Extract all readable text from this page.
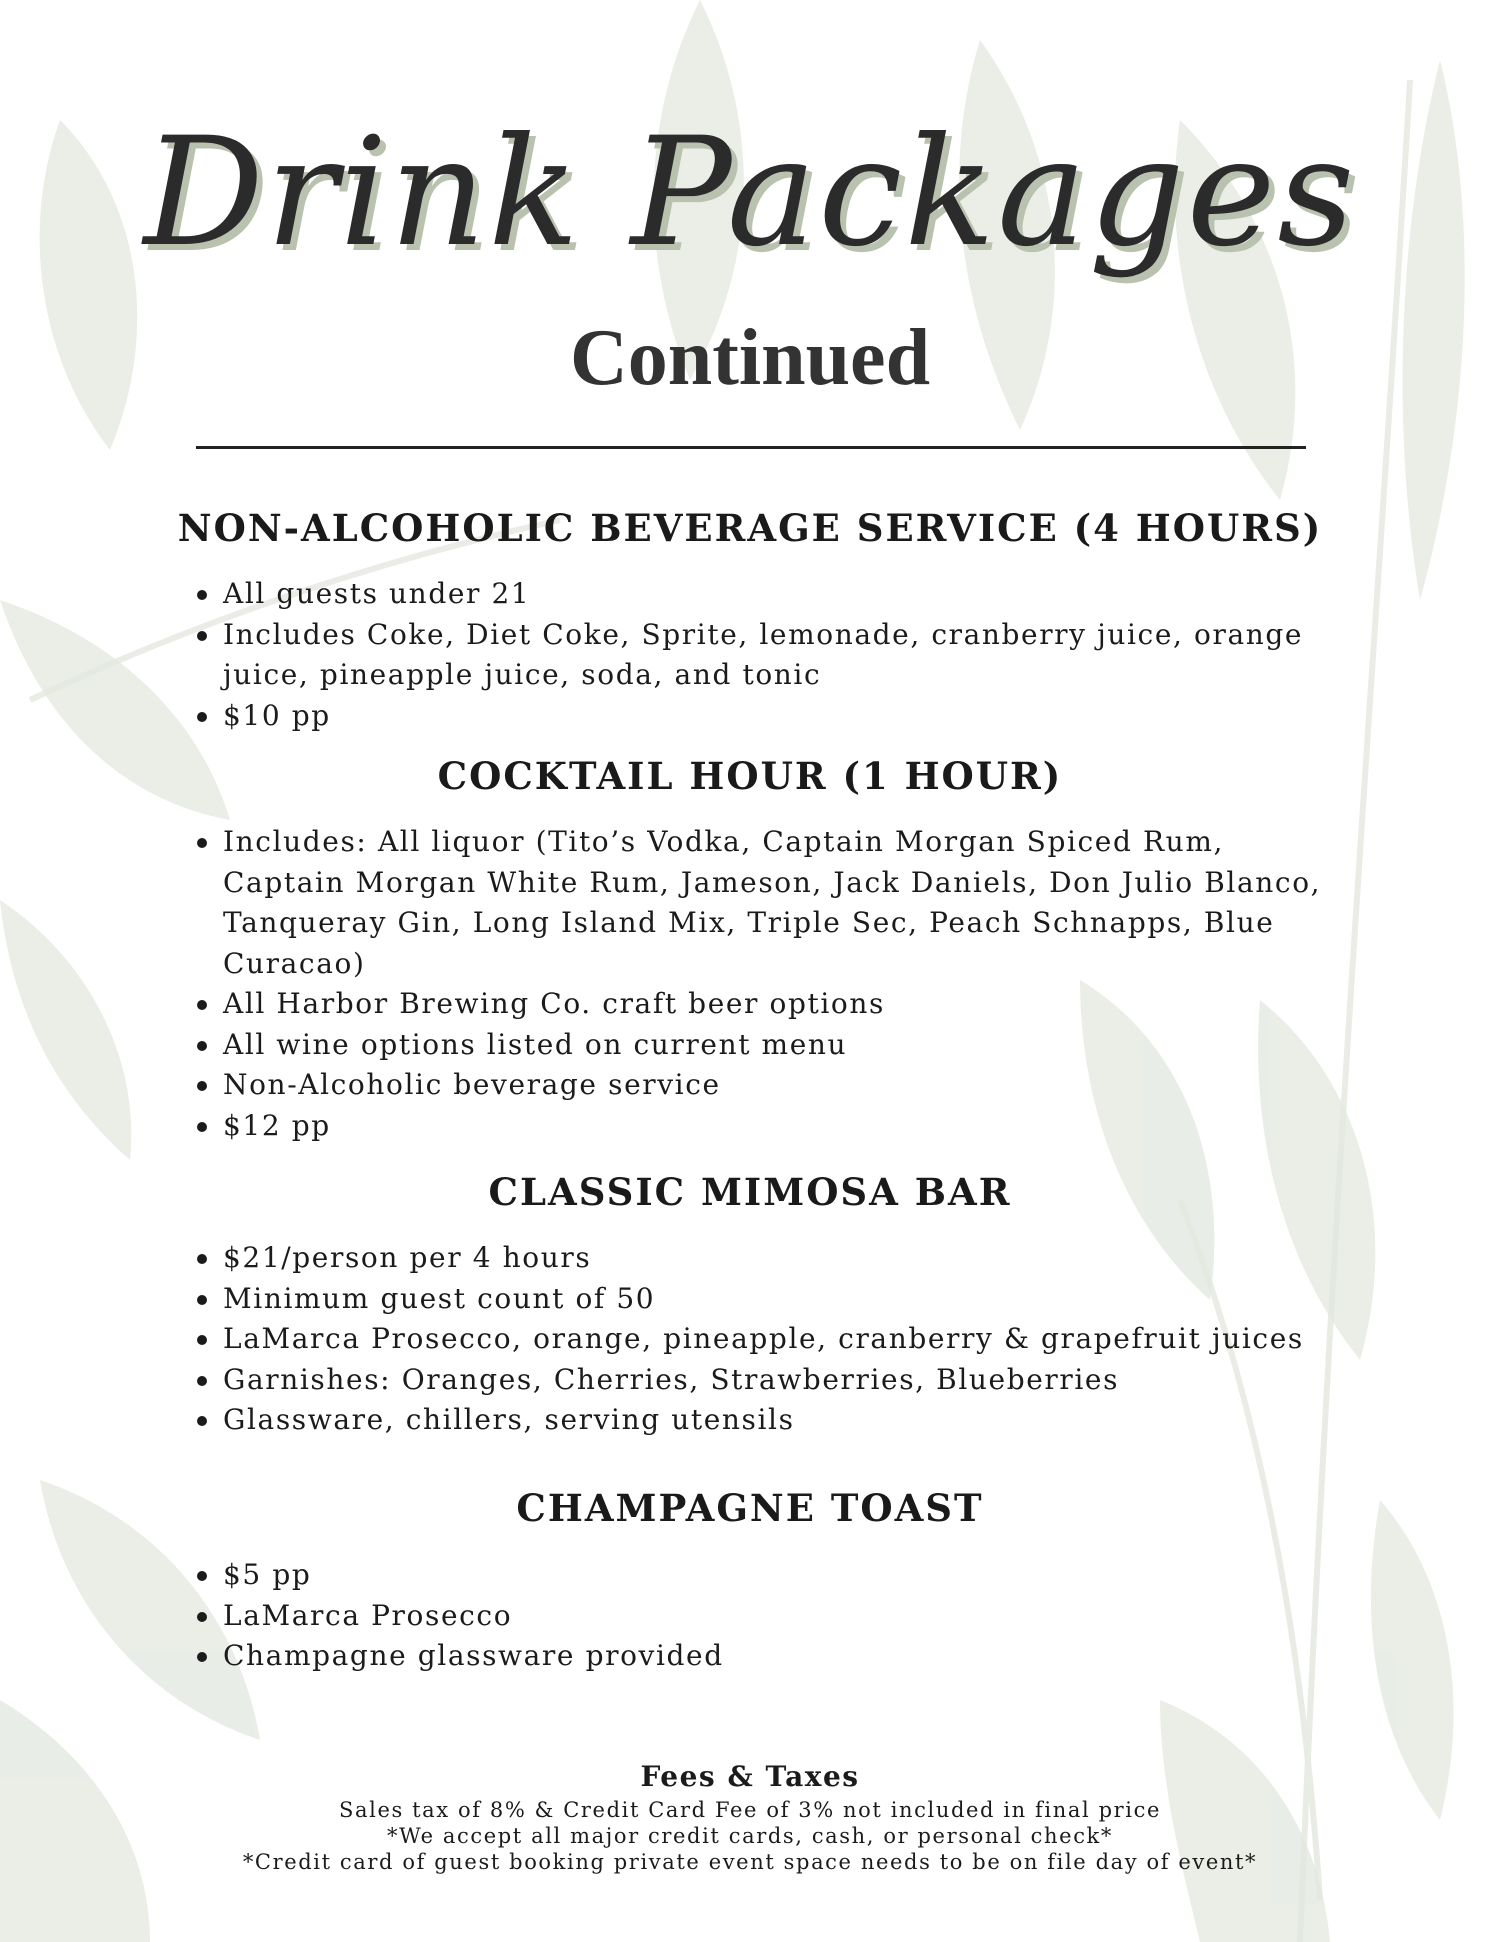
Drink Packages
Continued
NON-ALCOHOLIC BEVERAGE SERVICE (4 HOURS)
All guests under 21
Includes Coke, Diet Coke, Sprite, lemonade, cranberry juice, orange juice, pineapple juice, soda, and tonic
$10 pp
COCKTAIL HOUR (1 HOUR)
Includes: All liquor (Tito’s Vodka, Captain Morgan Spiced Rum, Captain Morgan White Rum, Jameson, Jack Daniels, Don Julio Blanco, Tanqueray Gin, Long Island Mix, Triple Sec, Peach Schnapps, Blue Curacao)
All Harbor Brewing Co. craft beer options
All wine options listed on current menu
Non-Alcoholic beverage service
$12 pp
CLASSIC MIMOSA BAR
$21/person per 4 hours
Minimum guest count of 50
LaMarca Prosecco, orange, pineapple, cranberry & grapefruit juices
Garnishes: Oranges, Cherries, Strawberries, Blueberries
Glassware, chillers, serving utensils
CHAMPAGNE TOAST
$5 pp
LaMarca Prosecco
Champagne glassware provided
Fees & Taxes

Sales tax of 8% & Credit Card Fee of 3% not included in final price

*We accept all major credit cards, cash, or personal check*

*Credit card of guest booking private event space needs to be on file day of event*
